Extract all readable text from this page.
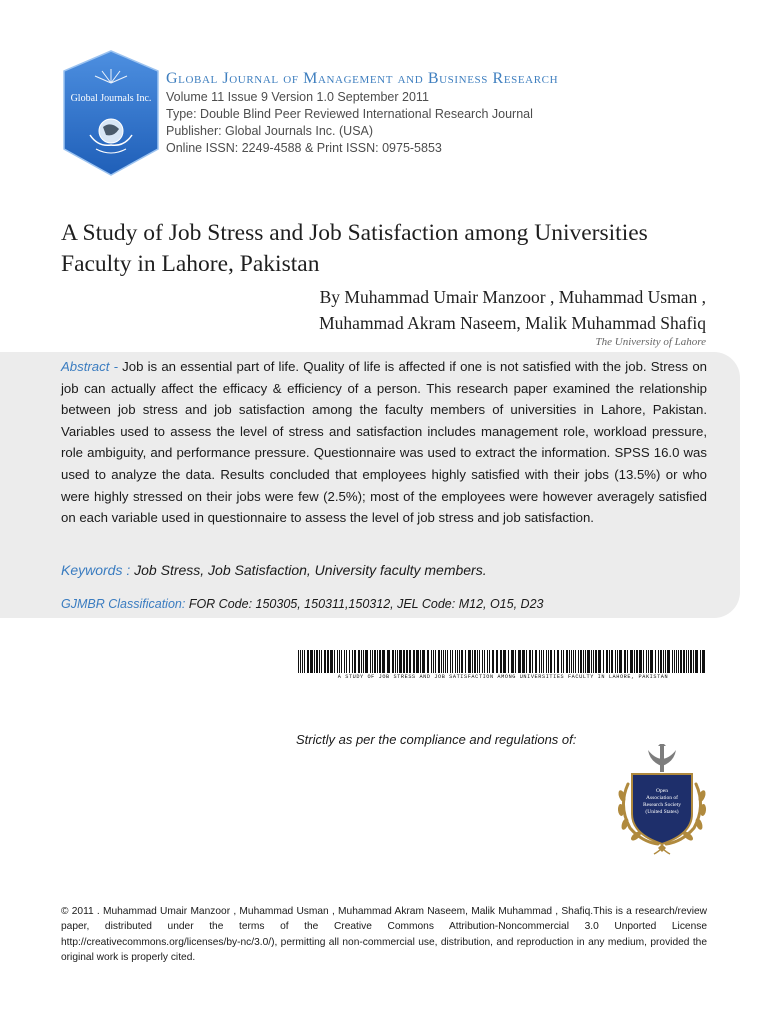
Global Journals Inc.
Global Journal of Management and Business Research
Volume 11 Issue 9 Version 1.0 September 2011
Type: Double Blind Peer Reviewed International Research Journal
Publisher: Global Journals Inc. (USA)
Online ISSN: 2249-4588 & Print ISSN: 0975-5853
A Study of Job Stress and Job Satisfaction among Universities Faculty in Lahore, Pakistan
By Muhammad Umair Manzoor , Muhammad Usman ,
Muhammad Akram Naseem, Malik Muhammad Shafiq
The University of Lahore
Abstract - Job is an essential part of life. Quality of life is affected if one is not satisfied with the job. Stress on job can actually affect the efficacy & efficiency of a person. This research paper examined the relationship between job stress and job satisfaction among the faculty members of universities in Lahore, Pakistan. Variables used to assess the level of stress and satisfaction includes management role, workload pressure, role ambiguity, and performance pressure. Questionnaire was used to extract the information. SPSS 16.0 was used to analyze the data. Results concluded that employees highly satisfied with their jobs (13.5%) or who were highly stressed on their jobs were few (2.5%); most of the employees were however averagely satisfied on each variable used in questionnaire to assess the level of job stress and job satisfaction.
Keywords : Job Stress, Job Satisfaction, University faculty members.
GJMBR Classification: FOR Code: 150305, 150311,150312, JEL Code: M12, O15, D23
A STUDY OF JOB STRESS AND JOB SATISFACTION AMONG UNIVERSITIES FACULTY IN LAHORE, PAKISTAN
Strictly as per the compliance and regulations of:
Open Association of Research Society (United States)
© 2011 . Muhammad Umair Manzoor , Muhammad Usman , Muhammad Akram Naseem, Malik Muhammad , Shafiq.This is a research/review paper, distributed under the terms of the Creative Commons Attribution-Noncommercial 3.0 Unported License http://creativecommons.org/licenses/by-nc/3.0/), permitting all non-commercial use, distribution, and reproduction in any medium, provided the original work is properly cited.
